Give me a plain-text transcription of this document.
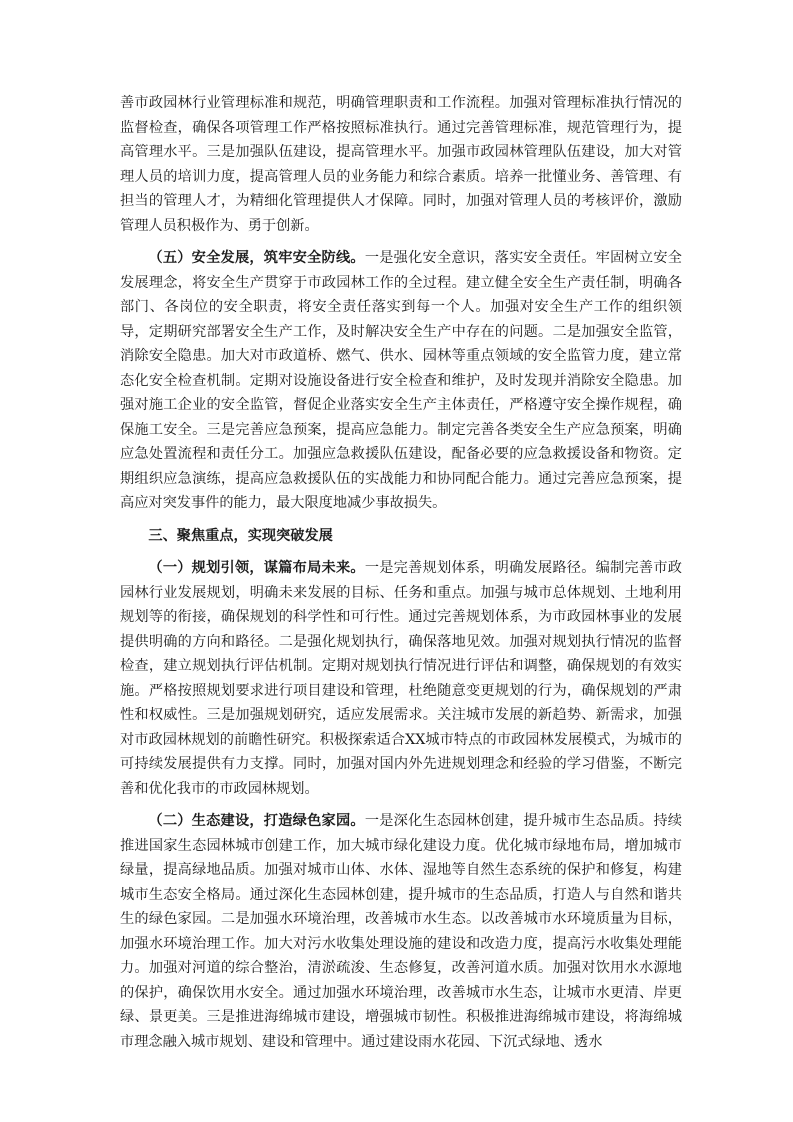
善市政园林行业管理标准和规范，明确管理职责和工作流程。加强对管理标准执行情况的监督检查，确保各项管理工作严格按照标准执行。通过完善管理标准，规范管理行为，提高管理水平。三是加强队伍建设，提高管理水平。加强市政园林管理队伍建设，加大对管理人员的培训力度，提高管理人员的业务能力和综合素质。培养一批懂业务、善管理、有担当的管理人才，为精细化管理提供人才保障。同时，加强对管理人员的考核评价，激励管理人员积极作为、勇于创新。

（五）安全发展，筑牢安全防线。一是强化安全意识，落实安全责任。牢固树立安全发展理念，将安全生产贯穿于市政园林工作的全过程。建立健全安全生产责任制，明确各部门、各岗位的安全职责，将安全责任落实到每一个人。加强对安全生产工作的组织领导，定期研究部署安全生产工作，及时解决安全生产中存在的问题。二是加强安全监管，消除安全隐患。加大对市政道桥、燃气、供水、园林等重点领域的安全监管力度，建立常态化安全检查机制。定期对设施设备进行安全检查和维护，及时发现并消除安全隐患。加强对施工企业的安全监管，督促企业落实安全生产主体责任，严格遵守安全操作规程，确保施工安全。三是完善应急预案，提高应急能力。制定完善各类安全生产应急预案，明确应急处置流程和责任分工。加强应急救援队伍建设，配备必要的应急救援设备和物资。定期组织应急演练，提高应急救援队伍的实战能力和协同配合能力。通过完善应急预案，提高应对突发事件的能力，最大限度地减少事故损失。

三、聚焦重点，实现突破发展

（一）规划引领，谋篇布局未来。一是完善规划体系，明确发展路径。编制完善市政园林行业发展规划，明确未来发展的目标、任务和重点。加强与城市总体规划、土地利用规划等的衔接，确保规划的科学性和可行性。通过完善规划体系，为市政园林事业的发展提供明确的方向和路径。二是强化规划执行，确保落地见效。加强对规划执行情况的监督检查，建立规划执行评估机制。定期对规划执行情况进行评估和调整，确保规划的有效实施。严格按照规划要求进行项目建设和管理，杜绝随意变更规划的行为，确保规划的严肃性和权威性。三是加强规划研究，适应发展需求。关注城市发展的新趋势、新需求，加强对市政园林规划的前瞻性研究。积极探索适合XX城市特点的市政园林发展模式，为城市的可持续发展提供有力支撑。同时，加强对国内外先进规划理念和经验的学习借鉴，不断完善和优化我市的市政园林规划。

（二）生态建设，打造绿色家园。一是深化生态园林创建，提升城市生态品质。持续推进国家生态园林城市创建工作，加大城市绿化建设力度。优化城市绿地布局，增加城市绿量，提高绿地品质。加强对城市山体、水体、湿地等自然生态系统的保护和修复，构建城市生态安全格局。通过深化生态园林创建，提升城市的生态品质，打造人与自然和谐共生的绿色家园。二是加强水环境治理，改善城市水生态。以改善城市水环境质量为目标，加强水环境治理工作。加大对污水收集处理设施的建设和改造力度，提高污水收集处理能力。加强对河道的综合整治，清淤疏浚、生态修复，改善河道水质。加强对饮用水水源地的保护，确保饮用水安全。通过加强水环境治理，改善城市水生态，让城市水更清、岸更绿、景更美。三是推进海绵城市建设，增强城市韧性。积极推进海绵城市建设，将海绵城市理念融入城市规划、建设和管理中。通过建设雨水花园、下沉式绿地、透水
